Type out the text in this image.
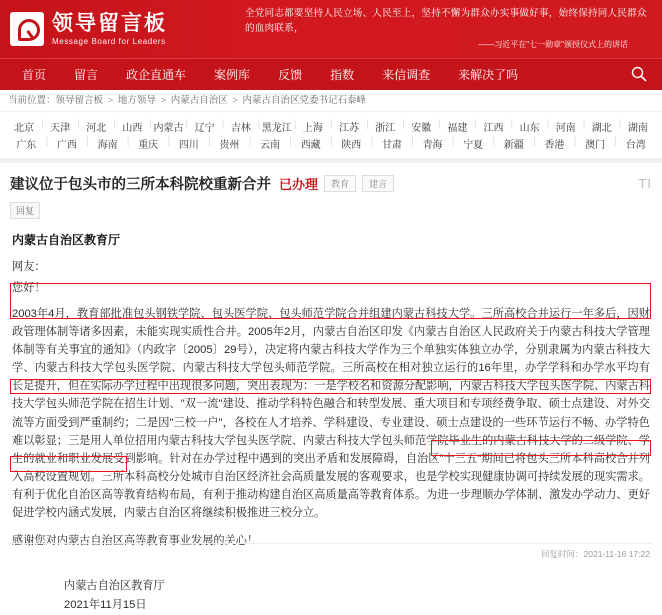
领导留言板
Message Board for Leaders
全党同志都要坚持人民立场、人民至上，坚持不懈为群众办实事做好事，始终保持同人民群众的血肉联系，
——习近平在"七一勋章"颁授仪式上的讲话
首页	留言	政企直通车	案例库	反馈	指数	来信调查	来解决了吗
当前位置：领导留言板 > 地方领导 > 内蒙古自治区 > 内蒙古自治区党委书记石泰峰
北京	| 天津	| 河北	| 山西	| 内蒙古	| 辽宁	| 吉林	| 黑龙江	| 上海	| 江苏	| 浙江	| 安徽	| 福建	| 江西	| 山东	| 河南	| 湖北	| 湖南
广东	| 广西	| 海南	| 重庆	| 四川	| 贵州	| 云南	| 西藏	| 陕西	| 甘肃	| 青海	| 宁夏	| 新疆	| 香港	| 澳门	| 台湾
建议位于包头市的三所本科院校重新合并 已办理	教育	建言	TI
回复
内蒙古自治区教育厅
网友：
您好！
2003年4月，教育部批准包头钢铁学院、包头医学院、包头师范学院合并组建内蒙古科技大学。三所高校合并运行一年多后，因财政管理体制等诸多因素，未能实现实质性合并。2005年2月，内蒙古自治区印发《内蒙古自治区人民政府关于内蒙古科技大学管理体制等有关事宜的通知》（内政字〔2005〕29号），决定将内蒙古科技大学作为三个单独实体独立办学，分别隶属为内蒙古科技大学、内蒙古科技大学包头医学院、内蒙古科技大学包头师范学院。三所高校在相对独立运行的16年里，办学学科和办学水平均有长足提升，但在实际办学过程中出现很多问题，突出表现为：一是学校名和资源分配影响，内蒙古科技大学包头医学院、内蒙古科技大学包头师范学院在招生计划、"双一流"建设、推动学科特色融合和转型发展、重大项目和专项经费争取、硕士点建设、对外交流等方面受到严重制约；二是因"三校一户"，各校在人才培养、学科建设、专业建设、硕士点建设的一些环节运行不畅、办学特色难以彰显；三是用人单位招用内蒙古科技大学包头医学院、内蒙古科技大学包头师范学院毕业生的内蒙古科技大学的二级学院、学生的就业和职业发展受到影响。针对在办学过程中遇到的突出矛盾和发展障碍，自治区"十三五"期间已将包头三所本科高校合并列入高校设置规划。三所本科高校分处城市自治区经济社会高质量发展的客观要求，也是学校实现健康协调可持续发展的现实需求。有利于优化自治区高等教育结构布局，有利于推动构建自治区高质量高等教育体系。为进一步理顺办学体制、激发办学动力、更好促进学校内涵式发展，内蒙古自治区将继续积极推进三校分立。
感谢您对内蒙古自治区高等教育事业发展的关心！
内蒙古自治区教育厅
2021年11月15日
回复时间：2021-11-16 17:22
